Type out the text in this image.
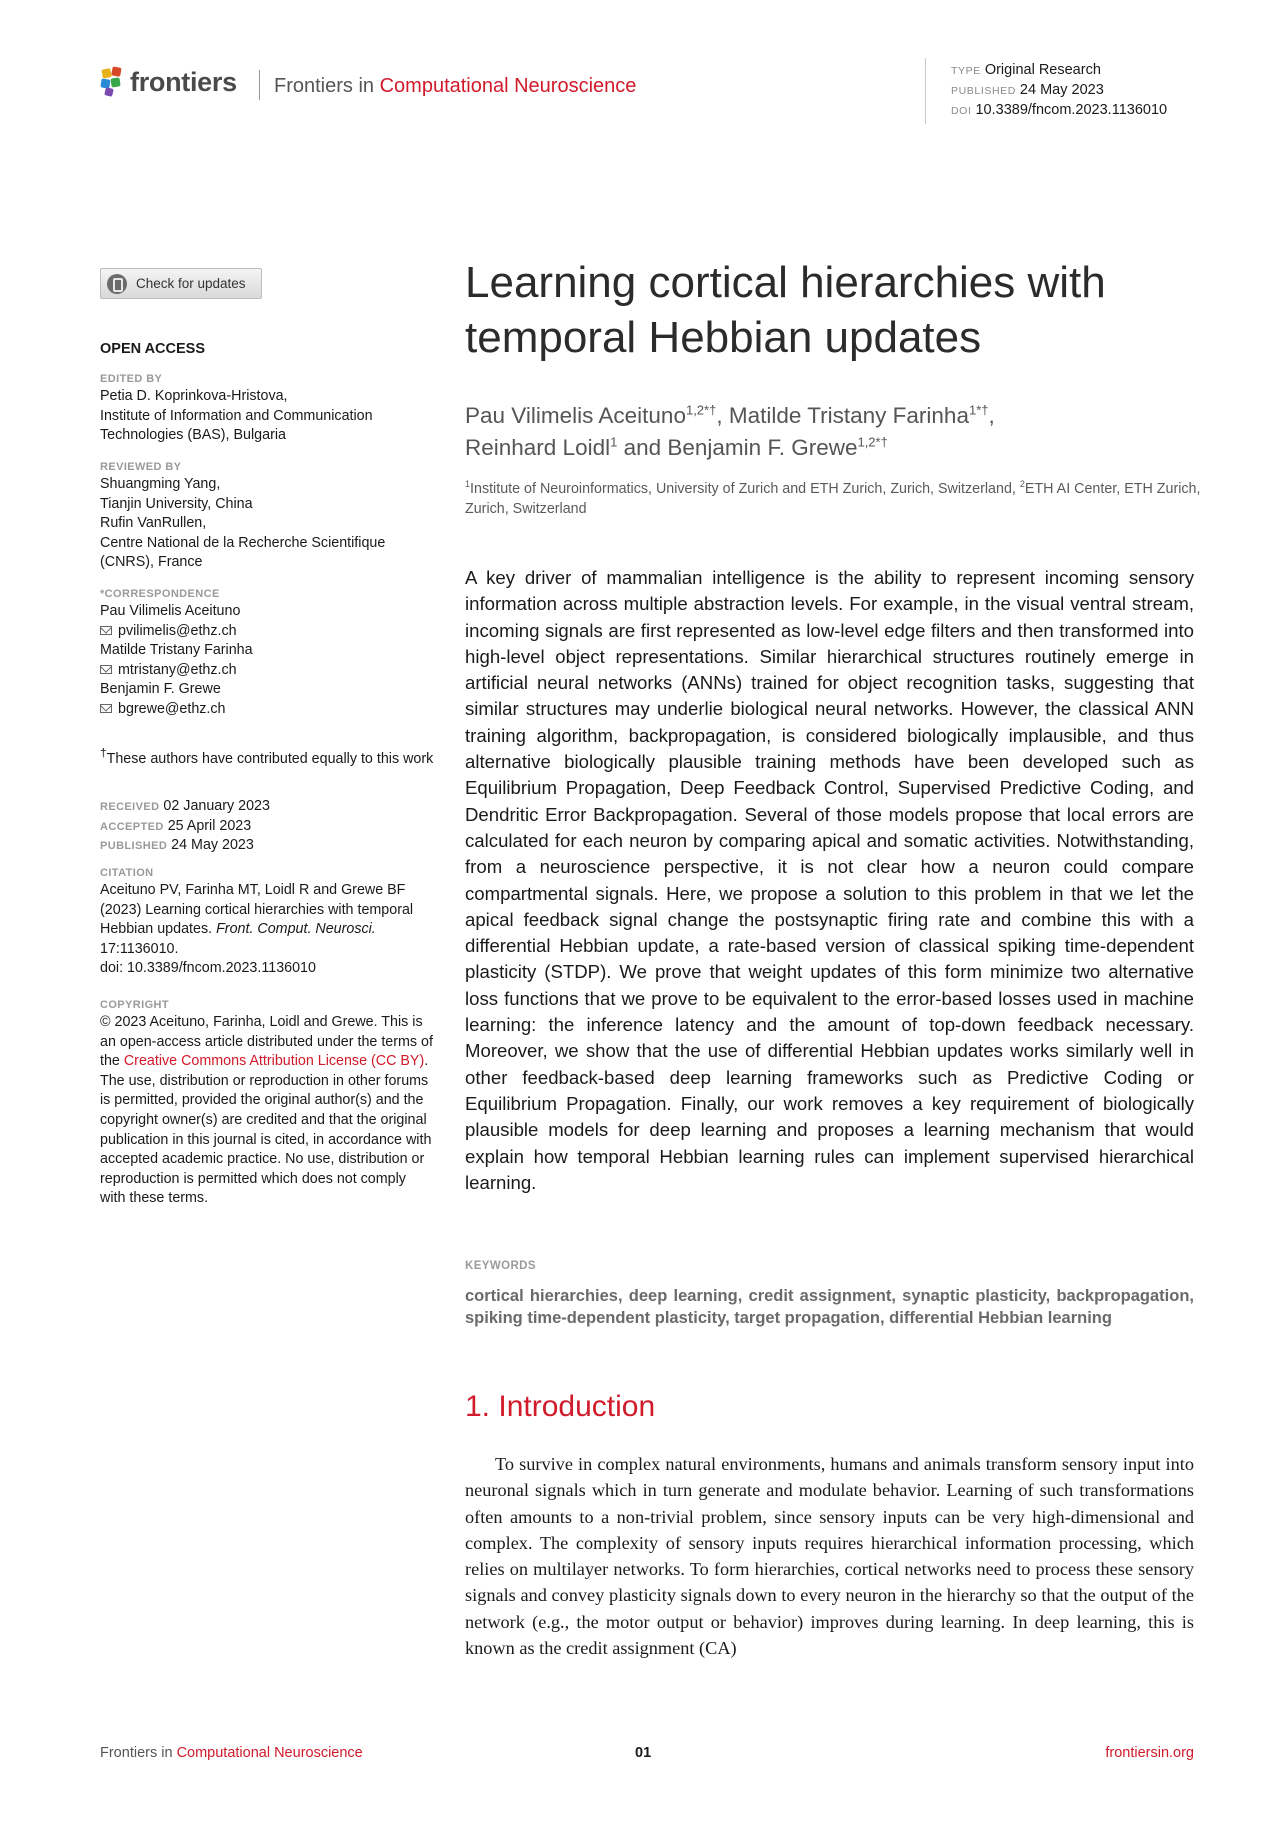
frontiers Frontiers in Computational Neuroscience
TYPE Original Research
PUBLISHED 24 May 2023
DOI 10.3389/fncom.2023.1136010
Check for updates
OPEN ACCESS
EDITED BY
Petia D. Koprinkova-Hristova,
Institute of Information and Communication Technologies (BAS), Bulgaria
REVIEWED BY
Shuangming Yang,
Tianjin University, China
Rufin VanRullen,
Centre National de la Recherche Scientifique (CNRS), France
*CORRESPONDENCE
Pau Vilimelis Aceituno
pvilimelis@ethz.ch
Matilde Tristany Farinha
mtristany@ethz.ch
Benjamin F. Grewe
bgrewe@ethz.ch
†These authors have contributed equally to this work
RECEIVED 02 January 2023
ACCEPTED 25 April 2023
PUBLISHED 24 May 2023
CITATION
Aceituno PV, Farinha MT, Loidl R and Grewe BF (2023) Learning cortical hierarchies with temporal Hebbian updates. Front. Comput. Neurosci. 17:1136010.
doi: 10.3389/fncom.2023.1136010
COPYRIGHT
© 2023 Aceituno, Farinha, Loidl and Grewe. This is an open-access article distributed under the terms of the Creative Commons Attribution License (CC BY). The use, distribution or reproduction in other forums is permitted, provided the original author(s) and the copyright owner(s) are credited and that the original publication in this journal is cited, in accordance with accepted academic practice. No use, distribution or reproduction is permitted which does not comply with these terms.
Learning cortical hierarchies with temporal Hebbian updates
Pau Vilimelis Aceituno$^{1,2*\dagger}$, Matilde Tristany Farinha$^{1*\dagger}$,
Reinhard Loidl$^1$ and Benjamin F. Grewe$^{1,2*\dagger}$
$^1$Institute of Neuroinformatics, University of Zurich and ETH Zurich, Zurich, Switzerland, $^2$ETH AI Center, ETH Zurich, Zurich, Switzerland

A key driver of mammalian intelligence is the ability to represent incoming sensory information across multiple abstraction levels. For example, in the visual ventral stream, incoming signals are first represented as low-level edge filters and then transformed into high-level object representations. Similar hierarchical structures routinely emerge in artificial neural networks (ANNs) trained for object recognition tasks, suggesting that similar structures may underlie biological neural networks. However, the classical ANN training algorithm, backpropagation, is considered biologically implausible, and thus alternative biologically plausible training methods have been developed such as Equilibrium Propagation, Deep Feedback Control, Supervised Predictive Coding, and Dendritic Error Backpropagation. Several of those models propose that local errors are calculated for each neuron by comparing apical and somatic activities. Notwithstanding, from a neuroscience perspective, it is not clear how a neuron could compare compartmental signals. Here, we propose a solution to this problem in that we let the apical feedback signal change the postsynaptic firing rate and combine this with a differential Hebbian update, a rate-based version of classical spiking time-dependent plasticity (STDP). We prove that weight updates of this form minimize two alternative loss functions that we prove to be equivalent to the error-based losses used in machine learning: the inference latency and the amount of top-down feedback necessary. Moreover, we show that the use of differential Hebbian updates works similarly well in other feedback-based deep learning frameworks such as Predictive Coding or Equilibrium Propagation. Finally, our work removes a key requirement of biologically plausible models for deep learning and proposes a learning mechanism that would explain how temporal Hebbian learning rules can implement supervised hierarchical learning.

KEYWORDS

cortical hierarchies, deep learning, credit assignment, synaptic plasticity, backpropagation, spiking time-dependent plasticity, target propagation, differential Hebbian learning

1. Introduction

To survive in complex natural environments, humans and animals transform sensory input into neuronal signals which in turn generate and modulate behavior. Learning of such transformations often amounts to a non-trivial problem, since sensory inputs can be very high-dimensional and complex. The complexity of sensory inputs requires hierarchical information processing, which relies on multilayer networks. To form hierarchies, cortical networks need to process these sensory signals and convey plasticity signals down to every neuron in the hierarchy so that the output of the network (e.g., the motor output or behavior) improves during learning. In deep learning, this is known as the credit assignment (CA)

Frontiers in Computational Neuroscience	01	frontiersin.org
